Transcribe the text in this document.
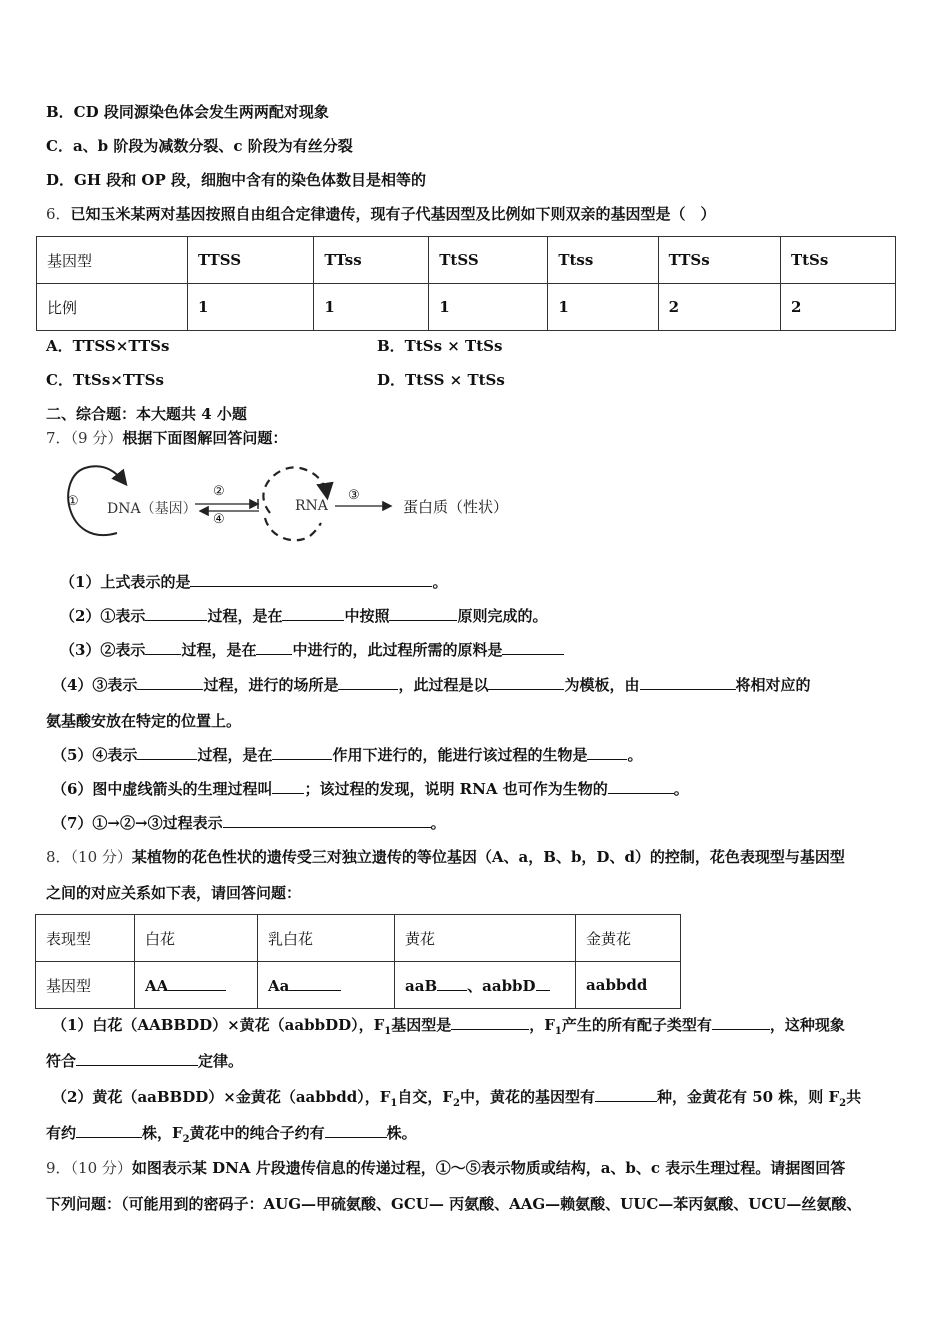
B．CD 段同源染色体会发生两两配对现象
C．a、b 阶段为减数分裂、c 阶段为有丝分裂
D．GH 段和 OP 段，细胞中含有的染色体数目是相等的
6．已知玉米某两对基因按照自由组合定律遗传，现有子代基因型及比例如下则双亲的基因型是（　）
基因型	TTSS	TTss	TtSS	Ttss	TTSs	TtSs
比例	1	1	1	1	2	2
A．TTSS×TTSs	B．TtSs × TtSs
C．TtSs×TTSs	D．TtSS × TtSs
二、综合题：本大题共 4 小题
7．（9 分）根据下面图解回答问题：
① DNA（基因）
②
④
RNA
③
蛋白质（性状）
（1）上式表示的是	。
（2）①表示	过程，是在	中按照	原则完成的。
（3）②表示 过程，是在 中进行的，此过程所需的原料是
（4）③表示	过程，进行的场所是	，此过程是以	为模板，由	将相对应的
氨基酸安放在特定的位置上。
（5）④表示	过程，是在	作用下进行的，能进行该过程的生物是	。
（6）图中虚线箭头的生理过程叫 ；该过程的发现，说明 RNA 也可作为生物的	。
（7）①→②→③过程表示	。
8．（10 分）某植物的花色性状的遗传受三对独立遗传的等位基因（A、a，B、b，D、d）的控制，花色表现型与基因型
之间的对应关系如下表，请回答问题：
表现型	白花	乳白花	黄花	金黄花
基因型	AA	Aa	aaB 、aabbD	aabbdd
（1）白花（AABBDD）×黄花（aabbDD），$F_1$基因型是	，$F_1$产生的所有配子类型有	，这种现象
符合	定律。
（2）黄花（aaBBDD）×金黄花（aabbdd），$F_1$自交，$F_2$中，黄花的基因型有	种，金黄花有 50 株，则 $F_2$共
有约	株，$F_2$黄花中的纯合子约有	株。
9．（10 分）如图表示某 DNA 片段遗传信息的传递过程，①～⑤表示物质或结构，a、b、c 表示生理过程。请据图回答
下列问题：（可能用到的密码子：AUG—甲硫氨酸、GCU— 丙氨酸、AAG—赖氨酸、UUC—苯丙氨酸、UCU—丝氨酸、
